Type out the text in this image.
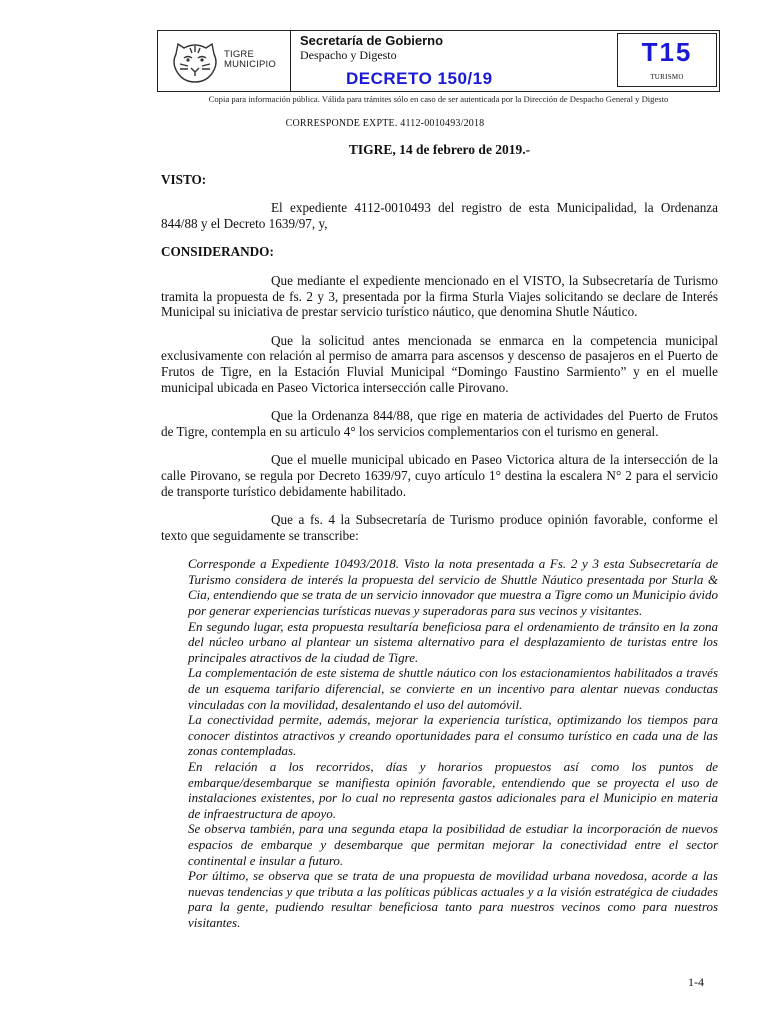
TIGRE
MUNICIPIO
Secretaría de Gobierno
Despacho y Digesto
DECRETO 150/19
T15
TURISMO
Copia para información pública. Válida para trámites sólo en caso de ser autenticada por la Dirección de Despacho General y Digesto
CORRESPONDE EXPTE. 4112-0010493/2018

TIGRE, 14 de febrero de 2019.-

VISTO:

El expediente 4112-0010493 del registro de esta Municipalidad, la Ordenanza 844/88 y el Decreto 1639/97, y,

CONSIDERANDO:

Que mediante el expediente mencionado en el VISTO, la Subsecretaría de Turismo tramita la propuesta de fs. 2 y 3, presentada por la firma Sturla Viajes solicitando se declare de Interés Municipal su iniciativa de prestar servicio turístico náutico, que denomina Shutle Náutico.

Que la solicitud antes mencionada se enmarca en la competencia municipal exclusivamente con relación al permiso de amarra para ascensos y descenso de pasajeros en el Puerto de Frutos de Tigre, en la Estación Fluvial Municipal “Domingo Faustino Sarmiento” y en el muelle municipal ubicada en Paseo Victorica intersección calle Pirovano.

Que la Ordenanza 844/88, que rige en materia de actividades del Puerto de Frutos de Tigre, contempla en su articulo 4° los servicios complementarios con el turismo en general.

Que el muelle municipal ubicado en Paseo Victorica altura de la intersección de la calle Pirovano, se regula por Decreto 1639/97, cuyo artículo 1° destina la escalera N° 2 para el servicio de transporte turístico debidamente habilitado.

Que a fs. 4 la Subsecretaría de Turismo produce opinión favorable, conforme el texto que seguidamente se transcribe:

Corresponde a Expediente 10493/2018. Visto la nota presentada a Fs. 2 y 3 esta Subsecretaría de Turismo considera de interés la propuesta del servicio de Shuttle Náutico presentada por Sturla & Cia, entendiendo que se trata de un servicio innovador que muestra a Tigre como un Municipio ávido por generar experiencias turísticas nuevas y superadoras para sus vecinos y visitantes.

En segundo lugar, esta propuesta resultaría beneficiosa para el ordenamiento de tránsito en la zona del núcleo urbano al plantear un sistema alternativo para el desplazamiento de turistas entre los principales atractivos de la ciudad de Tigre.

La complementación de este sistema de shuttle náutico con los estacionamientos habilitados a través de un esquema tarifario diferencial, se convierte en un incentivo para alentar nuevas conductas vinculadas con la movilidad, desalentando el uso del automóvil.

La conectividad permite, además, mejorar la experiencia turística, optimizando los tiempos para conocer distintos atractivos y creando oportunidades para el consumo turístico en cada una de las zonas contempladas.

En relación a los recorridos, días y horarios propuestos así como los puntos de embarque/desembarque se manifiesta opinión favorable, entendiendo que se proyecta el uso de instalaciones existentes, por lo cual no representa gastos adicionales para el Municipio en materia de infraestructura de apoyo.

Se observa también, para una segunda etapa la posibilidad de estudiar la incorporación de nuevos espacios de embarque y desembarque que permitan mejorar la conectividad entre el sector continental e insular a futuro.

Por último, se observa que se trata de una propuesta de movilidad urbana novedosa, acorde a las nuevas tendencias y que tributa a las políticas públicas actuales y a la visión estratégica de ciudades para la gente, pudiendo resultar beneficiosa tanto para nuestros vecinos como para nuestros visitantes.

1-4
